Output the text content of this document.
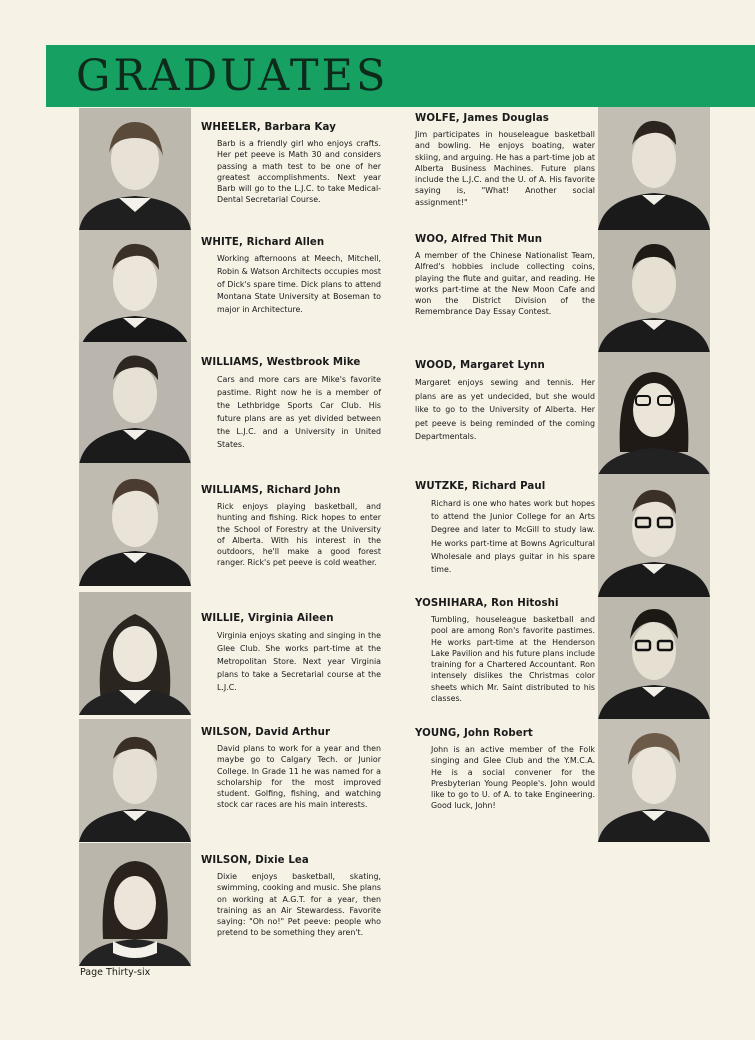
GRADUATES

WHEELER, Barbara Kay

Barb is a friendly girl who enjoys crafts. Her pet peeve is Math 30 and considers passing a math test to be one of her greatest accomplishments. Next year Barb will go to the L.J.C. to take Medical-Dental Secretarial Course.

WHITE, Richard Allen

Working afternoons at Meech, Mitchell, Robin & Watson Architects occupies most of Dick's spare time. Dick plans to attend Montana State University at Boseman to major in Architecture.

WILLIAMS, Westbrook Mike

Cars and more cars are Mike's favorite pastime. Right now he is a member of the Lethbridge Sports Car Club. His future plans are as yet divided between the L.J.C. and a University in United States.

WILLIAMS, Richard John

Rick enjoys playing basketball, and hunting and fishing. Rick hopes to enter the School of Forestry at the University of Alberta. With his interest in the outdoors, he'll make a good forest ranger. Rick's pet peeve is cold weather.

WILLIE, Virginia Aileen

Virginia enjoys skating and singing in the Glee Club. She works part-time at the Metropolitan Store. Next year Virginia plans to take a Secretarial course at the L.J.C.

WILSON, David Arthur

David plans to work for a year and then maybe go to Calgary Tech. or Junior College. In Grade 11 he was named for a scholarship for the most improved student. Golfing, fishing, and watching stock car races are his main interests.

WILSON, Dixie Lea

Dixie enjoys basketball, skating, swimming, cooking and music. She plans on working at A.G.T. for a year, then training as an Air Stewardess. Favorite saying: "Oh no!" Pet peeve: people who pretend to be something they aren't.

WOLFE, James Douglas

Jim participates in houseleague basketball and bowling. He enjoys boating, water skiing, and arguing. He has a part-time job at Alberta Business Machines. Future plans include the L.J.C. and the U. of A. His favorite saying is, "What! Another social assignment!"

WOO, Alfred Thit Mun

A member of the Chinese Nationalist Team, Alfred's hobbies include collecting coins, playing the flute and guitar, and reading. He works part-time at the New Moon Cafe and won the District Division of the Remembrance Day Essay Contest.

WOOD, Margaret Lynn

Margaret enjoys sewing and tennis. Her plans are as yet undecided, but she would like to go to the University of Alberta. Her pet peeve is being reminded of the coming Departmentals.

WUTZKE, Richard Paul

Richard is one who hates work but hopes to attend the Junior College for an Arts Degree and later to McGill to study law. He works part-time at Bowns Agricultural Wholesale and plays guitar in his spare time.

YOSHIHARA, Ron Hitoshi

Tumbling, houseleague basketball and pool are among Ron's favorite pastimes. He works part-time at the Henderson Lake Pavilion and his future plans include training for a Chartered Accountant. Ron intensely dislikes the Christmas color sheets which Mr. Saint distributed to his classes.

YOUNG, John Robert

John is an active member of the Folk singing and Glee Club and the Y.M.C.A. He is a social convener for the Presbyterian Young People's. John would like to go to U. of A. to take Engineering. Good luck, John!

Page Thirty-six
